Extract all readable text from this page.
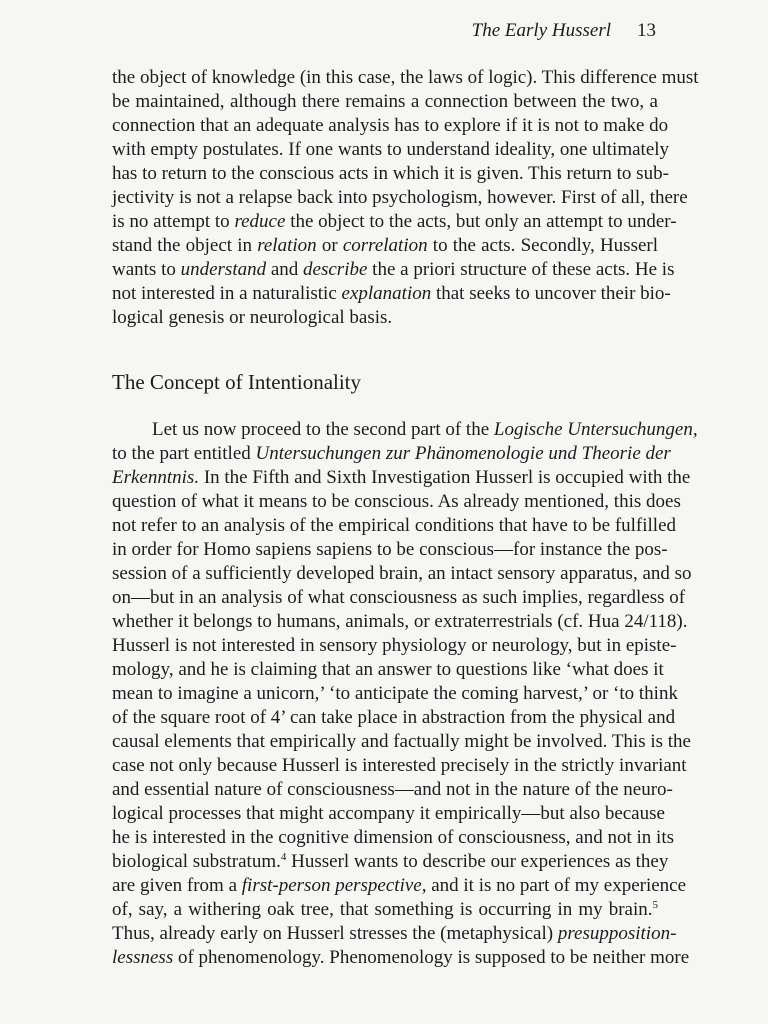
The Early Husserl 13
the object of knowledge (in this case, the laws of logic). This difference must
be maintained, although there remains a connection between the two, a
connection that an adequate analysis has to explore if it is not to make do
with empty postulates. If one wants to understand ideality, one ultimately
has to return to the conscious acts in which it is given. This return to sub-
jectivity is not a relapse back into psychologism, however. First of all, there
is no attempt to reduce the object to the acts, but only an attempt to under-
stand the object in relation or correlation to the acts. Secondly, Husserl
wants to understand and describe the a priori structure of these acts. He is
not interested in a naturalistic explanation that seeks to uncover their bio-
logical genesis or neurological basis.
The Concept of Intentionality
Let us now proceed to the second part of the Logische Untersuchungen,
to the part entitled Untersuchungen zur Phänomenologie und Theorie der
Erkenntnis. In the Fifth and Sixth Investigation Husserl is occupied with the
question of what it means to be conscious. As already mentioned, this does
not refer to an analysis of the empirical conditions that have to be fulfilled
in order for Homo sapiens sapiens to be conscious—for instance the pos-
session of a sufficiently developed brain, an intact sensory apparatus, and so
on—but in an analysis of what consciousness as such implies, regardless of
whether it belongs to humans, animals, or extraterrestrials (cf. Hua 24/118).
Husserl is not interested in sensory physiology or neurology, but in episte-
mology, and he is claiming that an answer to questions like ‘what does it
mean to imagine a unicorn,’ ‘to anticipate the coming harvest,’ or ‘to think
of the square root of 4’ can take place in abstraction from the physical and
causal elements that empirically and factually might be involved. This is the
case not only because Husserl is interested precisely in the strictly invariant
and essential nature of consciousness—and not in the nature of the neuro-
logical processes that might accompany it empirically—but also because
he is interested in the cognitive dimension of consciousness, and not in its
biological substratum.$^4$ Husserl wants to describe our experiences as they
are given from a first-person perspective, and it is no part of my experience
of, say, a withering oak tree, that something is occurring in my brain.$^5$
Thus, already early on Husserl stresses the (metaphysical) presupposition-
lessness of phenomenology. Phenomenology is supposed to be neither more
